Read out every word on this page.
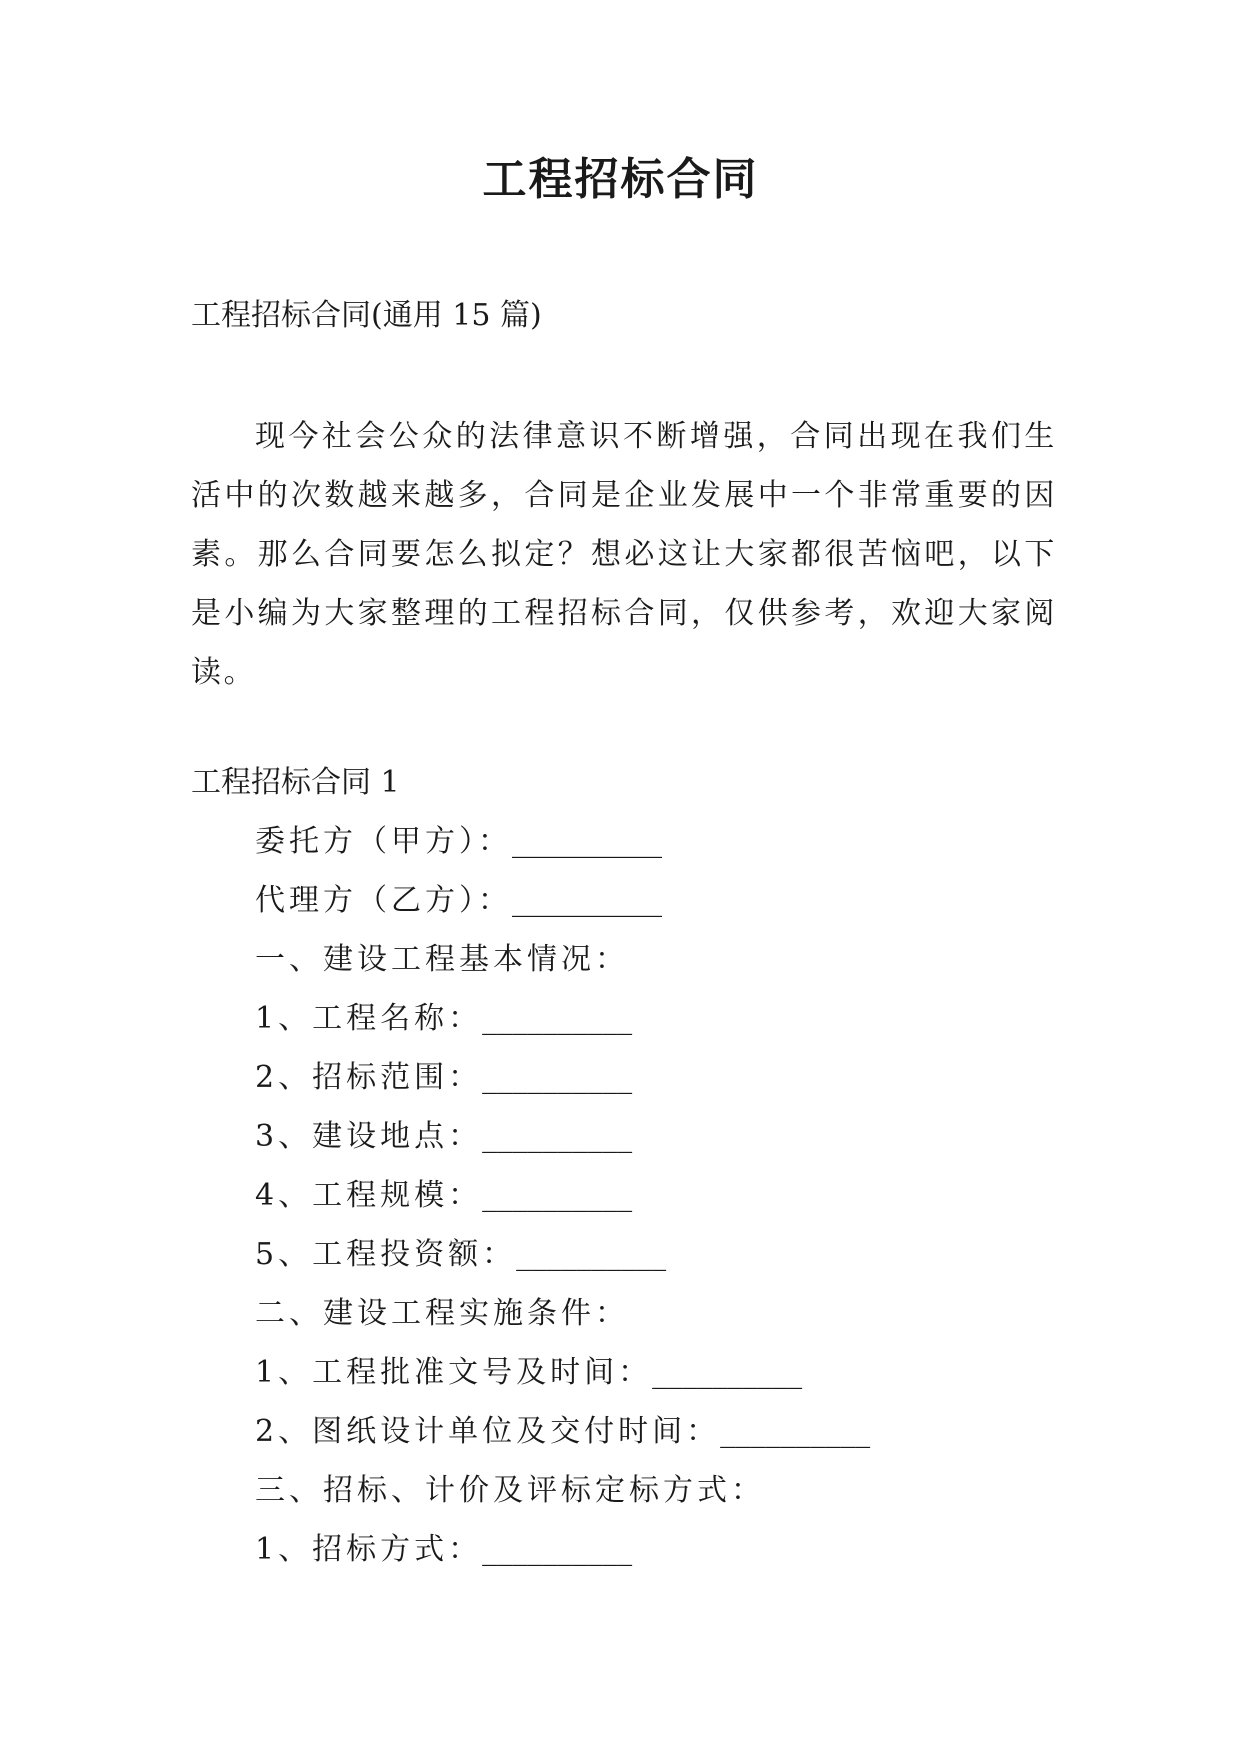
工程招标合同
工程招标合同(通用 15 篇)

现今社会公众的法律意识不断增强，合同出现在我们生活中的次数越来越多，合同是企业发展中一个非常重要的因素。那么合同要怎么拟定？想必这让大家都很苦恼吧，以下是小编为大家整理的工程招标合同，仅供参考，欢迎大家阅读。

工程招标合同 1
委托方（甲方）：__________
代理方（乙方）：__________
一、建设工程基本情况：
1、工程名称：__________
2、招标范围：__________
3、建设地点：__________
4、工程规模：__________
5、工程投资额：__________
二、建设工程实施条件：
1、工程批准文号及时间：__________
2、图纸设计单位及交付时间：__________
三、招标、计价及评标定标方式：
1、招标方式：__________
